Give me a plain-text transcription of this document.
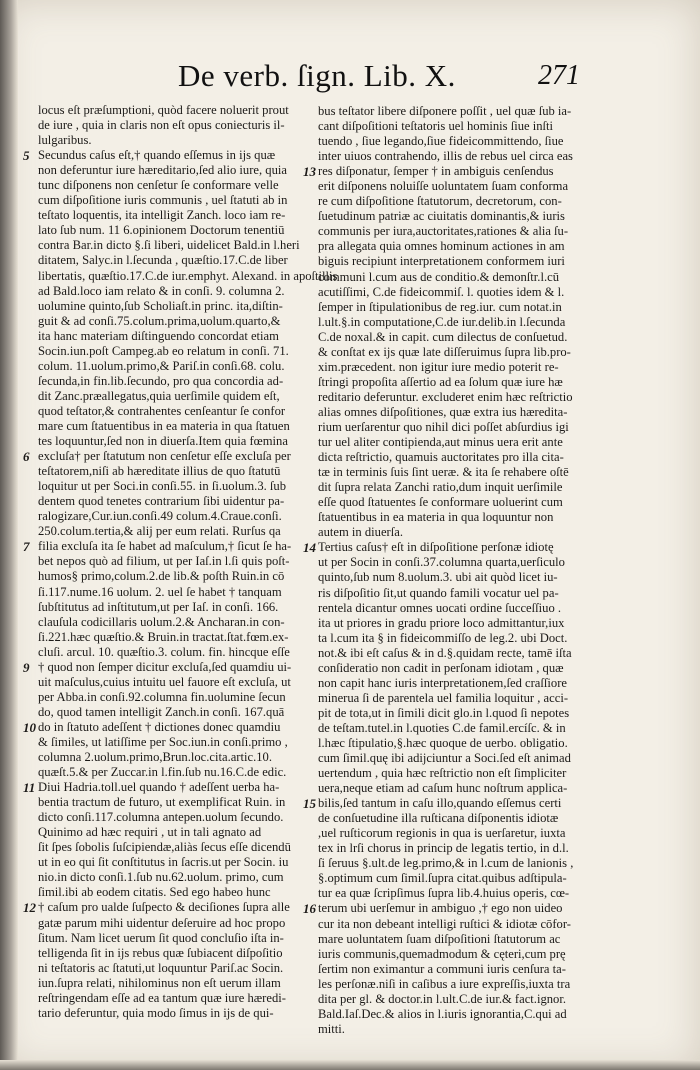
De verb. ſign. Lib. X.	271
locus eſt præſumptioni, quòd facere noluerit prout
de iure , quia in claris non eſt opus coniecturis il-
lulgaribus.
5 Secundus caſus eſt,† quando eſſemus in ijs quæ
non deferuntur iure hæreditario,ſed alio iure, quia
tunc diſponens non cenſetur ſe conformare velle
cum diſpoſitione iuris communis , uel ſtatuti ab in
teſtato loquentis, ita intelligit Zanch. loco iam re-
lato ſub num. 11 6.opinionem Doctorum tenentiū
contra Bar.in dicto §.ſi liberi, uidelicet Bald.in l.heri
ditatem, Salyc.in l.ſecunda , quæſtio.17.C.de liber
libertatis, quæſtio.17.C.de iur.emphyt. Alexand. in apoſtillis
ad Bald.loco iam relato & in conſi. 9. columna 2.
uolumine quinto,ſub Scholiaſt.in princ. ita,diſtin-
guit & ad conſi.75.colum.prima,uolum.quarto,&
ita hanc materiam diſtinguendo concordat etiam
Socin.iun.poſt Campeg.ab eo relatum in conſi. 71.
colum. 11.uolum.primo,& Pariſ.in conſi.68. colu.
ſecunda,in fin.lib.ſecundo, pro qua concordia ad-
dit Zanc.præallegatus,quia uerſimile quidem eſt,
quod teſtator,& contrahentes cenſeantur ſe confor
mare cum ſtatuentibus in ea materia in qua ſtatuen
tes loquuntur,ſed non in diuerſa.Item quia fœmina
6 excluſa† per ſtatutum non cenſetur eſſe excluſa per
teſtatorem,niſi ab hæreditate illius de quo ſtatutū
loquitur ut per Soci.in conſi.55. in ſi.uolum.3. ſub
dentem quod tenetes contrarium ſibi uidentur pa-
ralogizare,Cur.iun.conſi.49 colum.4.Craue.conſi.
250.colum.tertia,& alij per eum relati. Rurſus qa
7 filia excluſa ita ſe habet ad maſculum,† ſicut ſe ha-
bet nepos quò ad filium, ut per Iaſ.in l.ſi quis poſt-
humos§ primo,colum.2.de lib.& poſth Ruin.in cō
ſi.117.nume.16 uolum. 2. uel ſe habet † tanquam
ſubſtitutus ad inſtitutum,ut per Iaſ. in conſi. 166.
clauſula codicillaris uolum.2.& Ancharan.in con-
ſi.221.hæc quæſtio.& Bruin.in tractat.ſtat.fœm.ex-
cluſi. arcul. 10. quæſtio.3. colum. fin. hincque eſſe
9 † quod non ſemper dicitur excluſa,ſed quamdiu ui-
uit maſculus,cuius intuitu uel fauore eſt excluſa, ut
per Abba.in conſi.92.columna fin.uolumine ſecun
do, quod tamen intelligit Zanch.in conſi. 167.quā
10 do in ſtatuto adeſſent † dictiones donec quamdiu
& ſimiles, ut latiſſime per Soc.iun.in conſi.primo ,
columna 2.uolum.primo,Brun.loc.cita.artic.10.
quæſt.5.& per Zuccar.in l.fin.ſub nu.16.C.de edic.
11 Diui Hadria.toll.uel quando † adeſſent uerba ha-
bentia tractum de futuro, ut exemplificat Ruin. in
dicto conſi.117.columna antepen.uolum ſecundo.
Quinimo ad hæc requiri , ut in tali agnato ad
ſit ſpes ſobolis ſuſcipiendæ,aliàs ſecus eſſe dicendū
ut in eo qui ſit conſtitutus in ſacris.ut per Socin. iu
nio.in dicto conſi.1.ſub nu.62.uolum. primo, cum
ſimil.ibi ab eodem citatis. Sed ego habeo hunc
12 † caſum pro ualde ſuſpecto & deciſiones ſupra alle
gatæ parum mihi uidentur deſeruire ad hoc propo
ſitum. Nam licet uerum ſit quod concluſio iſta in-
telligenda ſit in ijs rebus quæ ſubiacent diſpoſitio
ni teſtatoris ac ſtatuti,ut loquuntur Pariſ.ac Socin.
iun.ſupra relati, nihilominus non eſt uerum illam
reſtringendam eſſe ad ea tantum quæ iure hæredi-
tario deferuntur, quia modo ſimus in ijs de qui-
bus teſtator libere diſponere poſſit , uel quæ ſub ia-
cant diſpoſitioni teſtatoris uel hominis ſiue inſti
tuendo , ſiue legando,ſiue fideicommittendo, ſiue
inter uiuos contrahendo, illis de rebus uel circa eas
13 res diſponatur, ſemper † in ambiguis cenſendus
erit diſponens noluiſſe uoluntatem ſuam conforma
re cum diſpoſitione ſtatutorum, decretorum, con-
ſuetudinum patriæ ac ciuitatis dominantis,& iuris
communis per iura,auctoritates,rationes & alia ſu-
pra allegata quia omnes hominum actiones in am
biguis recipiunt interpretationem conformem iuri
communi l.cum aus de conditio.& demonſtr.l.cū
acutiſſimi, C.de fideicommiſ. l. quoties idem & l.
ſemper in ſtipulationibus de reg.iur. cum notat.in
l.ult.§.in computatione,C.de iur.delib.in l.ſecunda
C.de noxal.& in capit. cum dilectus de conſuetud.
& conſtat ex ijs quæ late diſſeruimus ſupra lib.pro-
xim.præcedent. non igitur iure medio poterit re-
ſtringi propoſita aſſertio ad ea ſolum quæ iure hæ
reditario deferuntur. excluderet enim hæc reſtrictio
alias omnes diſpoſitiones, quæ extra ius hæredita-
rium uerſarentur quo nihil dici poſſet abſurdius igi
tur uel aliter contipienda,aut minus uera erit ante
dicta reſtrictio, quamuis auctoritates pro illa cita-
tæ in terminis ſuis ſint ueræ. & ita ſe rehabere oſtē
dit ſupra relata Zanchi ratio,dum inquit uerſimile
eſſe quod ſtatuentes ſe conformare uoluerint cum
ſtatuentibus in ea materia in qua loquuntur non
autem in diuerſa.
14 Tertius caſus† eſt in diſpoſitione perſonæ idiotę
ut per Socin in conſi.37.columna quarta,uerſiculo
quinto,ſub num 8.uolum.3. ubi ait quòd licet iu-
ris diſpoſitio ſit,ut quando famili vocatur uel pa-
rentela dicantur omnes uocati ordine ſucceſſiuo .
ita ut priores in gradu priore loco admittantur,iux
ta l.cum ita § in fideicommiſſo de leg.2. ubi Doct.
not.& ibi eſt caſus & in d.§.quidam recte, tamē iſta
conſideratio non cadit in perſonam idiotam , quæ
non capit hanc iuris interpretationem,ſed craſſiore
minerua ſi de parentela uel familia loquitur , acci-
pit de tota,ut in ſimili dicit glo.in l.quod ſi nepotes
de teſtam.tutel.in l.quoties C.de famil.ercíſc. & in
l.hæc ſtipulatio,§.hæc quoque de uerbo. obligatio.
cum ſimil.quę ibi adijciuntur a Soci.ſed eſt animad
uertendum , quia hæc reſtrictio non eſt ſimpliciter
uera,neque etiam ad caſum hunc noſtrum applica-
15 bilis,ſed tantum in caſu illo,quando eſſemus certi
de conſuetudine illa ruſticana diſponentis idiotæ
,uel ruſticorum regionis in qua is uerſaretur, iuxta
tex in lrſi chorus in princip de legatis tertio, in d.l.
ſi ſeruus §.ult.de leg.primo,& in l.cum de lanionis ,
§.optimum cum ſimil.ſupra citat.quibus adſtipula-
tur ea quæ ſcripſimus ſupra lib.4.huius operis, cœ-
16 terum ubi uerſemur in ambiguo ,† ego non uideo
cur ita non debeant intelligi ruſtici & idiotæ cōfor-
mare uoluntatem ſuam diſpoſitioni ſtatutorum ac
iuris communis,quemadmodum & cęteri,cum prę
ſertim non eximantur a communi iuris cenſura ta-
les perſonæ.niſi in caſibus a iure expreſſis,iuxta tra
dita per gl. & doctor.in l.ult.C.de iur.& fact.ignor.
Bald.Iaſ.Dec.& alios in l.iuris ignorantia,C.qui ad
mitti.
